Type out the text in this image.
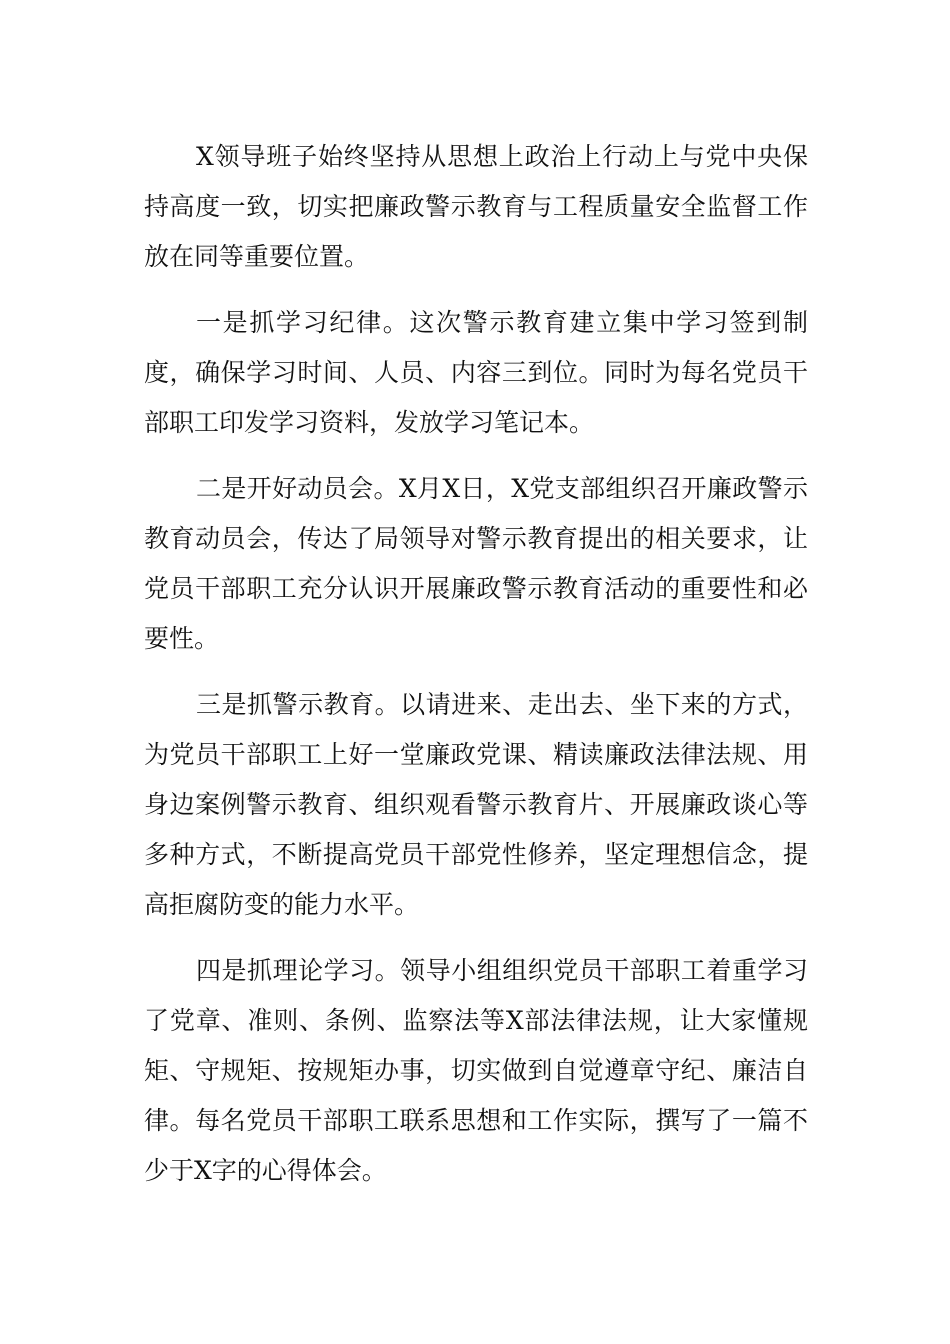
X领导班子始终坚持从思想上政治上行动上与党中央保持高度一致，切实把廉政警示教育与工程质量安全监督工作放在同等重要位置。

一是抓学习纪律。这次警示教育建立集中学习签到制度，确保学习时间、人员、内容三到位。同时为每名党员干部职工印发学习资料，发放学习笔记本。

二是开好动员会。X月X日，X党支部组织召开廉政警示教育动员会，传达了局领导对警示教育提出的相关要求，让党员干部职工充分认识开展廉政警示教育活动的重要性和必要性。

三是抓警示教育。以请进来、走出去、坐下来的方式，为党员干部职工上好一堂廉政党课、精读廉政法律法规、用身边案例警示教育、组织观看警示教育片、开展廉政谈心等多种方式，不断提高党员干部党性修养，坚定理想信念，提高拒腐防变的能力水平。

四是抓理论学习。领导小组组织党员干部职工着重学习了党章、准则、条例、监察法等X部法律法规，让大家懂规矩、守规矩、按规矩办事，切实做到自觉遵章守纪、廉洁自律。每名党员干部职工联系思想和工作实际，撰写了一篇不少于X字的心得体会。
